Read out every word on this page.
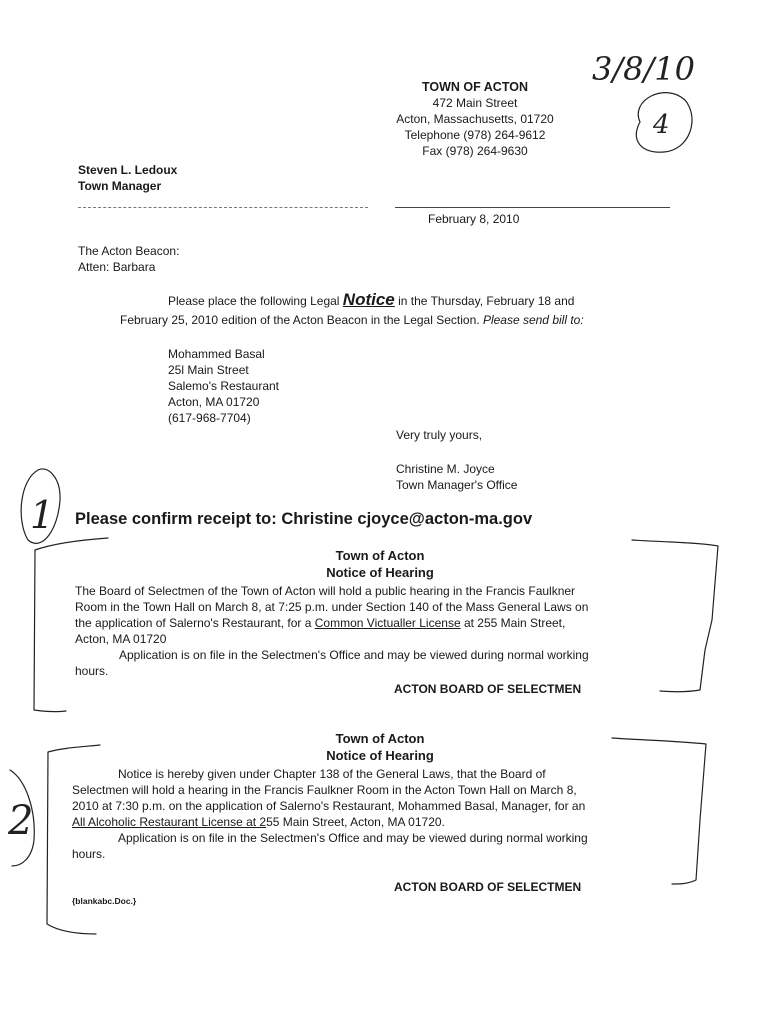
TOWN OF ACTON
472 Main Street
Acton, Massachusetts, 01720
Telephone (978) 264-9612
Fax (978) 264-9630
Steven L. Ledoux
Town Manager
February 8, 2010
The Acton Beacon:
Atten: Barbara
Please place the following Legal Notice in the Thursday, February 18 and
February 25, 2010 edition of the Acton Beacon in the Legal Section. Please send bill to:
Mohammed Basal
25l Main Street
Salemo's Restaurant
Acton, MA 01720
(617-968-7704)
Very truly yours,
Christine M. Joyce
Town Manager's Office
Please confirm receipt to: Christine cjoyce@acton-ma.gov
Town of Acton
Notice of Hearing
The Board of Selectmen of the Town of Acton will hold a public hearing in the Francis Faulkner
Room in the Town Hall on March 8, at 7:25 p.m. under Section 140 of the Mass General Laws on
the application of Salerno's Restaurant, for a Common Victualler License at 255 Main Street,
Acton, MA 01720
Application is on file in the Selectmen's Office and may be viewed during normal working
hours.
ACTON BOARD OF SELECTMEN
Town of Acton
Notice of Hearing
Notice is hereby given under Chapter 138 of the General Laws, that the Board of
Selectmen will hold a hearing in the Francis Faulkner Room in the Acton Town Hall on March 8,
2010 at 7:30 p.m. on the application of Salerno's Restaurant, Mohammed Basal, Manager, for an
All Alcoholic Restaurant License at 255 Main Street, Acton, MA 01720.
Application is on file in the Selectmen's Office and may be viewed during normal working
hours.
ACTON BOARD OF SELECTMEN
{blankabc.Doc.}
3/8/10
4
1
2
